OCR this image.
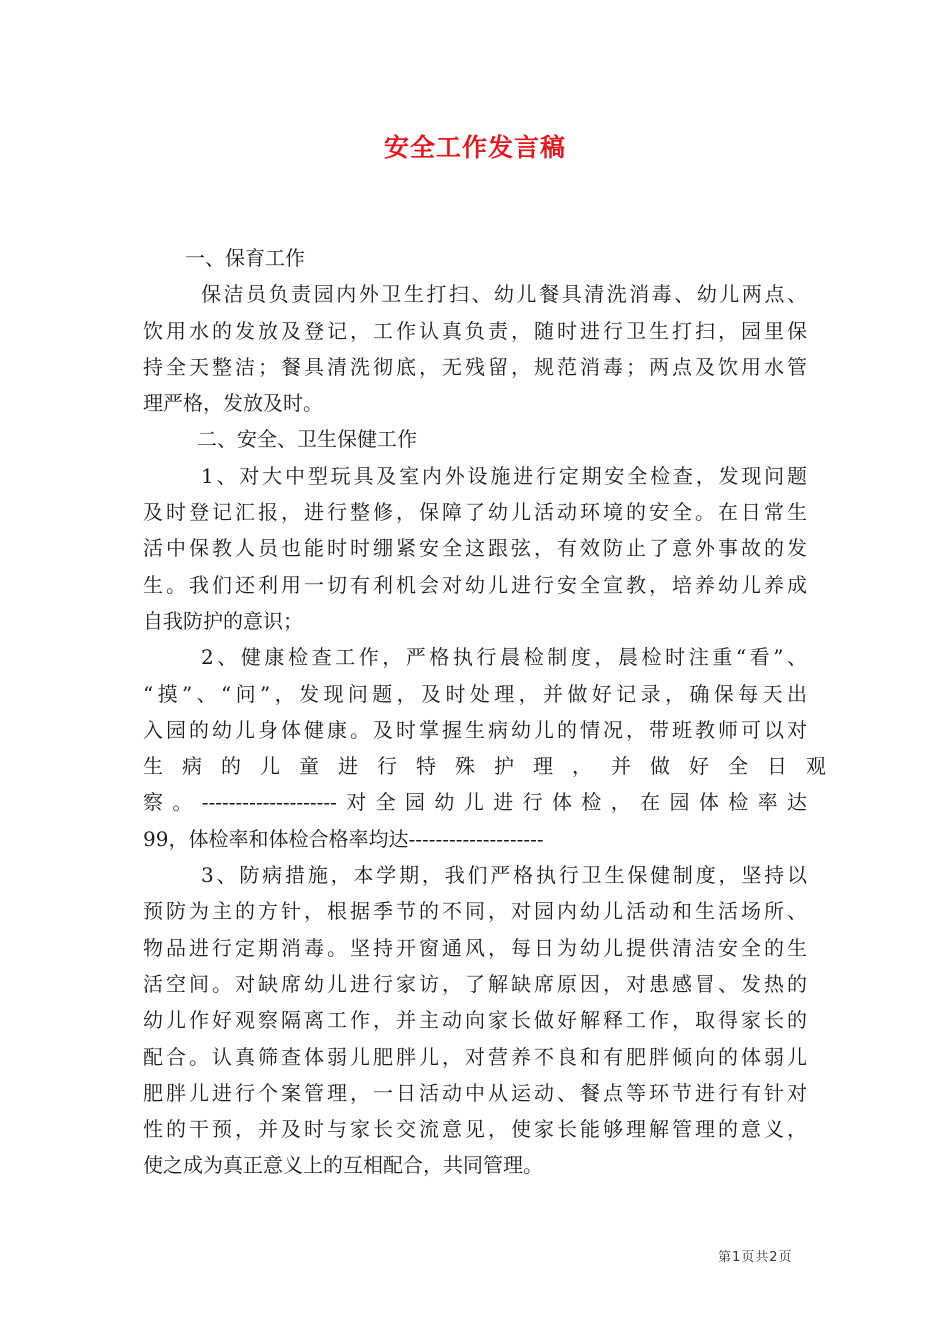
安全工作发言稿
一、保育工作
保洁员负责园内外卫生打扫、幼儿餐具清洗消毒、幼儿两点、
饮用水的发放及登记，工作认真负责，随时进行卫生打扫，园里保
持全天整洁；餐具清洗彻底，无残留，规范消毒；两点及饮用水管
理严格，发放及时。
二、安全、卫生保健工作
1、对大中型玩具及室内外设施进行定期安全检查，发现问题
及时登记汇报，进行整修，保障了幼儿活动环境的安全。在日常生
活中保教人员也能时时绷紧安全这跟弦，有效防止了意外事故的发
生。我们还利用一切有利机会对幼儿进行安全宣教，培养幼儿养成
自我防护的意识；
2、健康检查工作，严格执行晨检制度，晨检时注重“看”、
“摸”、“问”，发现问题，及时处理，并做好记录，确保每天出
入园的幼儿身体健康。及时掌握生病幼儿的情况，带班教师可以对
生病的儿童进行特殊护理，并做好全日观
察。--------------------对全园幼儿进行体检，在园体检率达
99，体检率和体检合格率均达--------------------
3、防病措施，本学期，我们严格执行卫生保健制度，坚持以
预防为主的方针，根据季节的不同，对园内幼儿活动和生活场所、
物品进行定期消毒。坚持开窗通风，每日为幼儿提供清洁安全的生
活空间。对缺席幼儿进行家访，了解缺席原因，对患感冒、发热的
幼儿作好观察隔离工作，并主动向家长做好解释工作，取得家长的
配合。认真筛查体弱儿肥胖儿，对营养不良和有肥胖倾向的体弱儿
肥胖儿进行个案管理，一日活动中从运动、餐点等环节进行有针对
性的干预，并及时与家长交流意见，使家长能够理解管理的意义，
使之成为真正意义上的互相配合，共同管理。
第1页共2页
